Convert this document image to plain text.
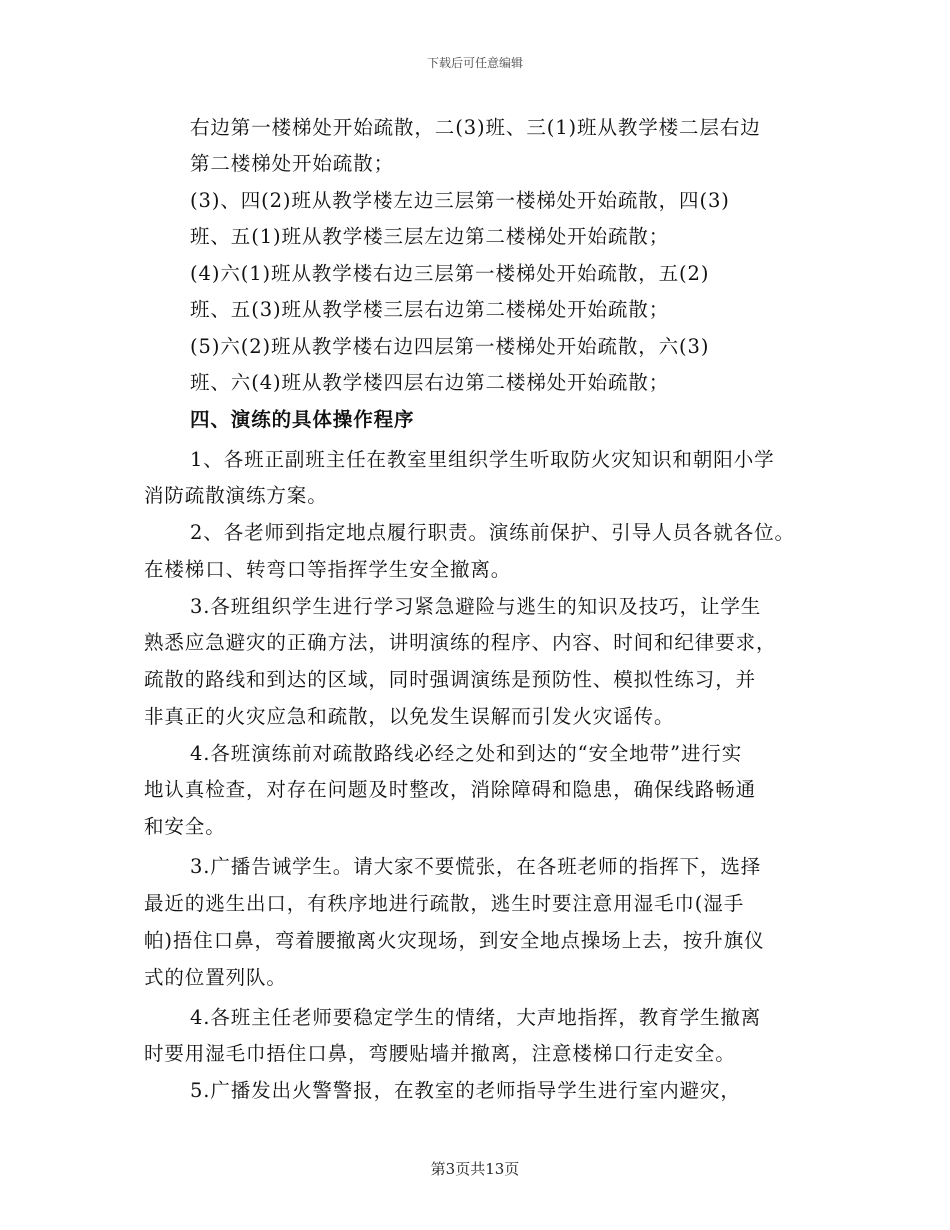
下载后可任意编辑
右边第一楼梯处开始疏散，二(3)班、三(1)班从教学楼二层右边
第二楼梯处开始疏散；
(3)、四(2)班从教学楼左边三层第一楼梯处开始疏散，四(3)
班、五(1)班从教学楼三层左边第二楼梯处开始疏散；
(4)六(1)班从教学楼右边三层第一楼梯处开始疏散，五(2)
班、五(3)班从教学楼三层右边第二楼梯处开始疏散；
(5)六(2)班从教学楼右边四层第一楼梯处开始疏散，六(3)
班、六(4)班从教学楼四层右边第二楼梯处开始疏散；
四、演练的具体操作程序
1、各班正副班主任在教室里组织学生听取防火灾知识和朝阳小学
消防疏散演练方案。
2、各老师到指定地点履行职责。演练前保护、引导人员各就各位。
在楼梯口、转弯口等指挥学生安全撤离。
3.各班组织学生进行学习紧急避险与逃生的知识及技巧，让学生
熟悉应急避灾的正确方法，讲明演练的程序、内容、时间和纪律要求，
疏散的路线和到达的区域，同时强调演练是预防性、模拟性练习，并
非真正的火灾应急和疏散，以免发生误解而引发火灾谣传。
4.各班演练前对疏散路线必经之处和到达的“安全地带”进行实
地认真检查，对存在问题及时整改，消除障碍和隐患，确保线路畅通
和安全。
3.广播告诫学生。请大家不要慌张，在各班老师的指挥下，选择
最近的逃生出口，有秩序地进行疏散，逃生时要注意用湿毛巾(湿手
帕)捂住口鼻，弯着腰撤离火灾现场，到安全地点操场上去，按升旗仪
式的位置列队。
4.各班主任老师要稳定学生的情绪，大声地指挥，教育学生撤离
时要用湿毛巾捂住口鼻，弯腰贴墙并撤离，注意楼梯口行走安全。
5.广播发出火警警报，在教室的老师指导学生进行室内避灾，
第3页共13页
